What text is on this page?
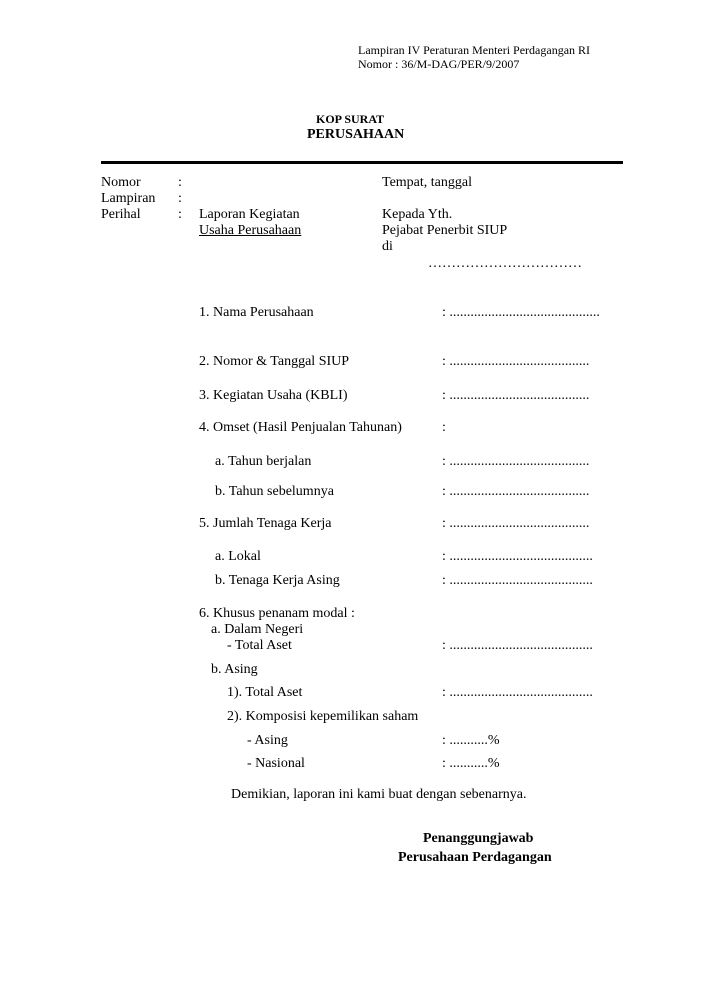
Lampiran IV Peraturan Menteri Perdagangan RI
Nomor : 36/M-DAG/PER/9/2007
KOP SURAT
PERUSAHAAN
Nomor	:
Lampiran :
Perihal	: Laporan Kegiatan
Usaha Perusahaan
Tempat, tanggal
Kepada Yth.
Pejabat Penerbit SIUP
di
……………………………
1. Nama Perusahaan	: ...........................................
2. Nomor & Tanggal SIUP	: ........................................
3. Kegiatan Usaha (KBLI)	: ........................................
4. Omset (Hasil Penjualan Tahunan)	:
a. Tahun berjalan	: ........................................
b. Tahun sebelumnya	: ........................................
5. Jumlah Tenaga Kerja	: ........................................
a. Lokal	: .........................................
b. Tenaga Kerja Asing	: .........................................
6. Khusus penanam modal :
a. Dalam Negeri
- Total Aset	: .........................................
b. Asing
1). Total Aset	: .........................................
2). Komposisi kepemilikan saham
- Asing	: ...........%
- Nasional	: ...........%
Demikian, laporan ini kami buat dengan sebenarnya.
Penanggungjawab
Perusahaan Perdagangan
